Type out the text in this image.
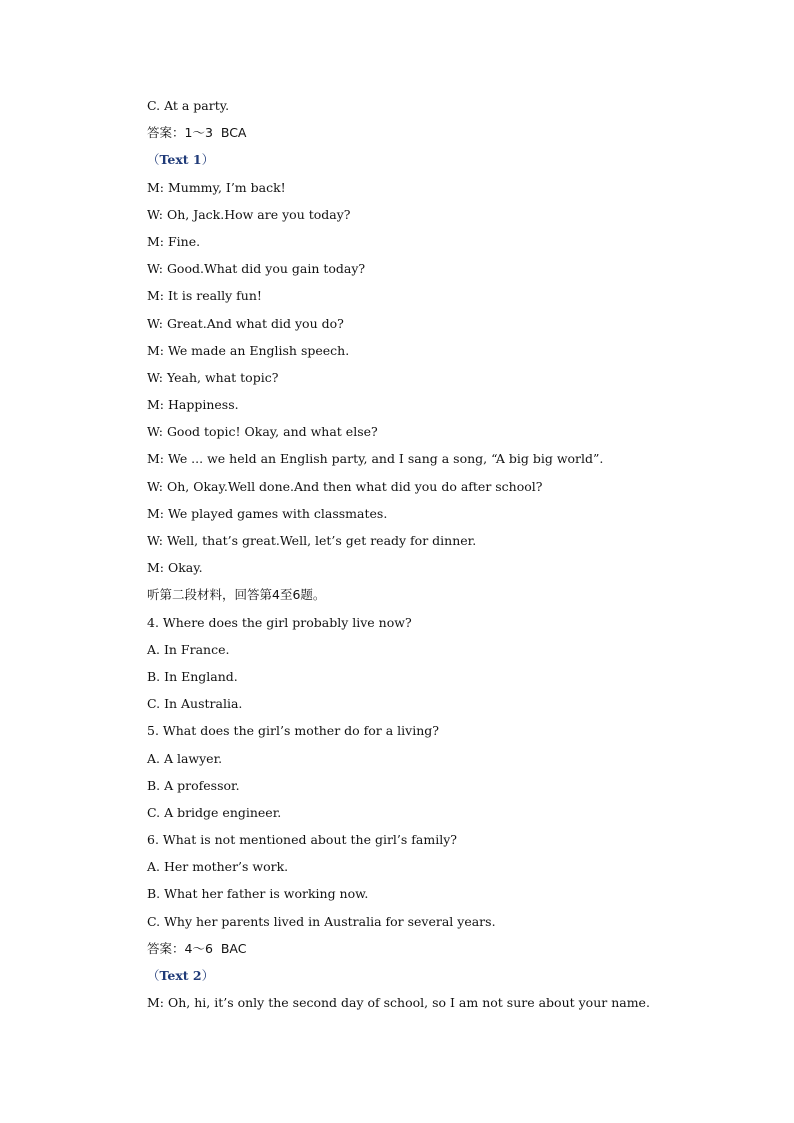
C. At a party.
答案：1～3  BCA
（Text 1）
M: Mummy, I’m back!
W: Oh, Jack.How are you today?
M: Fine.
W: Good.What did you gain today?
M: It is really fun!
W: Great.And what did you do?
M: We made an English speech.
W: Yeah, what topic?
M: Happiness.
W: Good topic! Okay, and what else?
M: We ... we held an English party, and I sang a song, “A big big world”.
W: Oh, Okay.Well done.And then what did you do after school?
M: We played games with classmates.
W: Well, that’s great.Well, let’s get ready for dinner.
M: Okay.
听第二段材料，回答第4至6题。
4. Where does the girl probably live now?
A. In France.
B. In England.
C. In Australia.
5. What does the girl’s mother do for a living?
A. A lawyer.
B. A professor.
C. A bridge engineer.
6. What is not mentioned about the girl’s family?
A. Her mother’s work.
B. What her father is working now.
C. Why her parents lived in Australia for several years.
答案：4～6  BAC
（Text 2）
M: Oh, hi, it’s only the second day of school, so I am not sure about your name.
